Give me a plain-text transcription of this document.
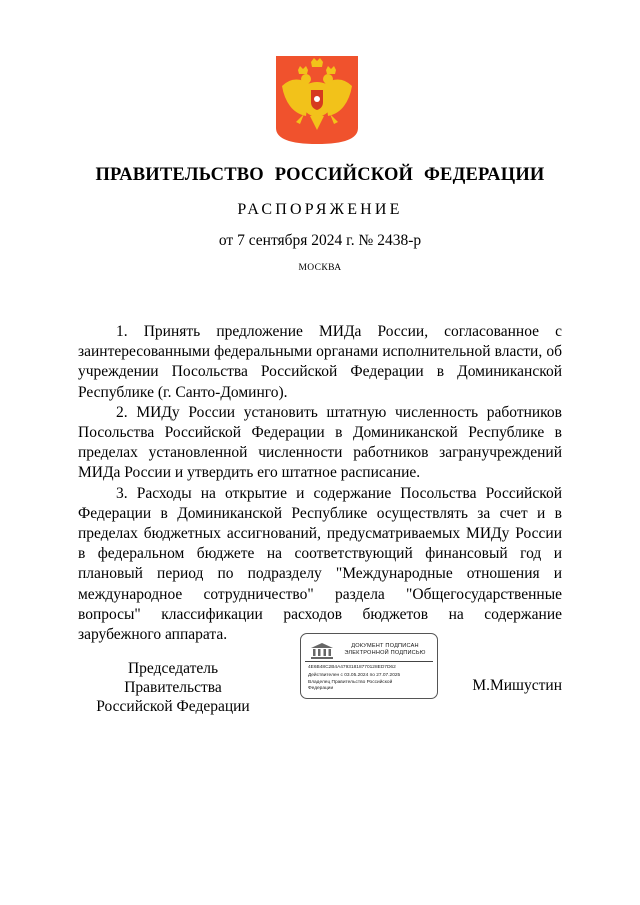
ПРАВИТЕЛЬСТВО РОССИЙСКОЙ ФЕДЕРАЦИИ
РАСПОРЯЖЕНИЕ
от 7 сентября 2024 г. № 2438-р
МОСКВА

1. Принять предложение МИДа России, согласованное с заинтересованными федеральными органами исполнительной власти, об учреждении Посольства Российской Федерации в Доминиканской Республике (г. Санто-Доминго).

2. МИДу России установить штатную численность работников Посольства Российской Федерации в Доминиканской Республике в пределах установленной численности работников загранучреждений МИДа России и утвердить его штатное расписание.

3. Расходы на открытие и содержание Посольства Российской Федерации в Доминиканской Республике осуществлять за счет и в пределах бюджетных ассигнований, предусматриваемых МИДу России в федеральном бюджете на соответствующий финансовый год и плановый период по подразделу "Международные отношения и международное сотрудничество" раздела "Общегосударственные вопросы" классификации расходов бюджетов на содержание зарубежного аппарата.

Председатель Правительства
Российской Федерации
ДОКУМЕНТ ПОДПИСАН
ЭЛЕКТРОННОЙ ПОДПИСЬЮ
4E6B48C2B4A47931818770128ED7D62
Действителен с 03.05.2024 по 27.07.2025
Владелец Правительство Российской
Федерации	М.Мишустин
